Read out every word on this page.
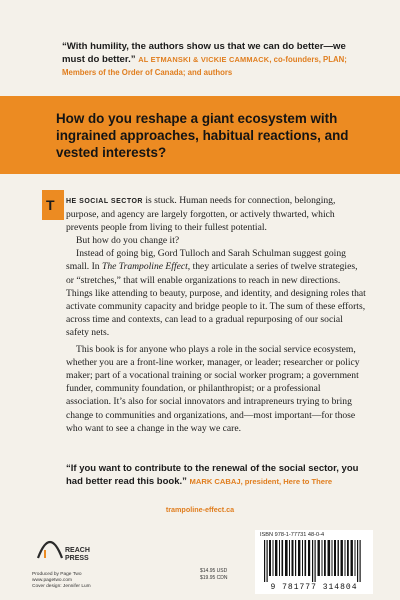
“With humility, the authors show us that we can do better—we must do better.” AL ETMANSKI & VICKIE CAMMACK, co-founders, PLAN; Members of the Order of Canada; and authors
How do you reshape a giant ecosystem with ingrained approaches, habitual reactions, and vested interests?
T HE SOCIAL SECTOR is stuck. Human needs for connection, belonging, purpose, and agency are largely forgotten, or actively thwarted, which prevents people from living to their fullest potential.

But how do you change it?

Instead of going big, Gord Tulloch and Sarah Schulman suggest going small. In The Trampoline Effect, they articulate a series of twelve strategies, or “stretches,” that will enable organizations to reach in new directions. Things like attending to beauty, purpose, and identity, and designing roles that activate community capacity and bridge people to it. The sum of these efforts, across time and contexts, can lead to a gradual repurposing of our social safety nets.

This book is for anyone who plays a role in the social service ecosystem, whether you are a front-line worker, manager, or leader; researcher or policy maker; part of a vocational training or social worker program; a government funder, community foundation, or philanthropist; or a professional association. It’s also for social innovators and intrapreneurs trying to bring change to communities and organizations, and—most important—for those who want to see a change in the way we care.

“If you want to contribute to the renewal of the social sector, you had better read this book.” MARK CABAJ, president, Here to There
trampoline-effect.ca
REACH
PRESS
Produced by Page Two
www.pagetwo.com
Cover design: Jennifer Lum
$14.95 USD
$19.95 CDN
ISBN 978-1-77731 48-0-4
9 781777 314804
